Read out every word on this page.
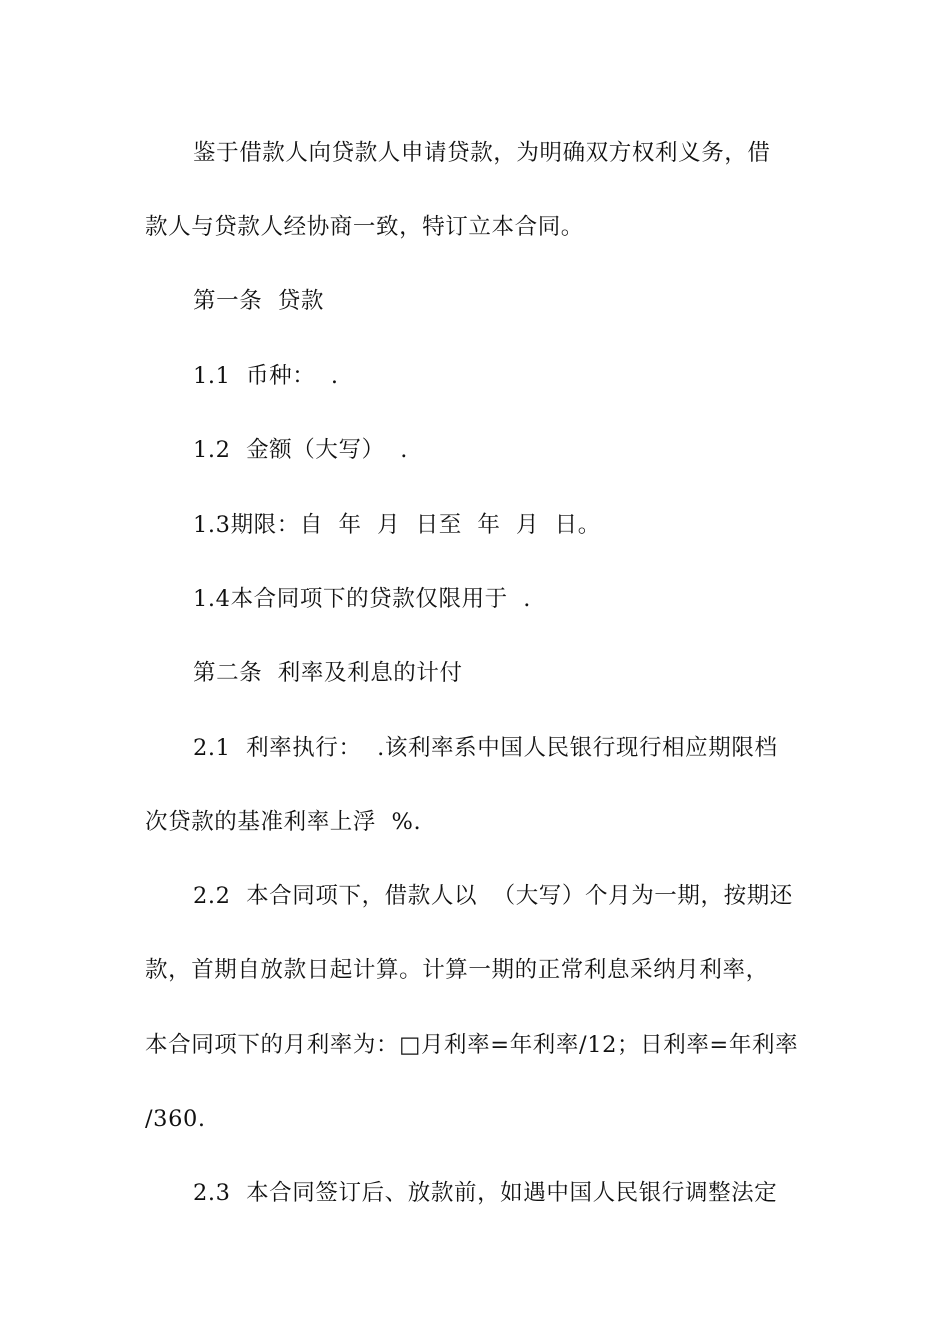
鉴于借款人向贷款人申请贷款，为明确双方权利义务，借
款人与贷款人经协商一致，特订立本合同。
第一条  贷款
1.1  币种：  .
1.2  金额（大写）  .
1.3期限：自  年  月  日至  年  月  日。
1.4本合同项下的贷款仅限用于  .
第二条  利率及利息的计付
2.1  利率执行：  .该利率系中国人民银行现行相应期限档
次贷款的基准利率上浮  %.
2.2  本合同项下，借款人以  （大写）个月为一期，按期还
款，首期自放款日起计算。计算一期的正常利息采纳月利率，
本合同项下的月利率为：□月利率=年利率/12；日利率=年利率
/360.
2.3  本合同签订后、放款前，如遇中国人民银行调整法定
